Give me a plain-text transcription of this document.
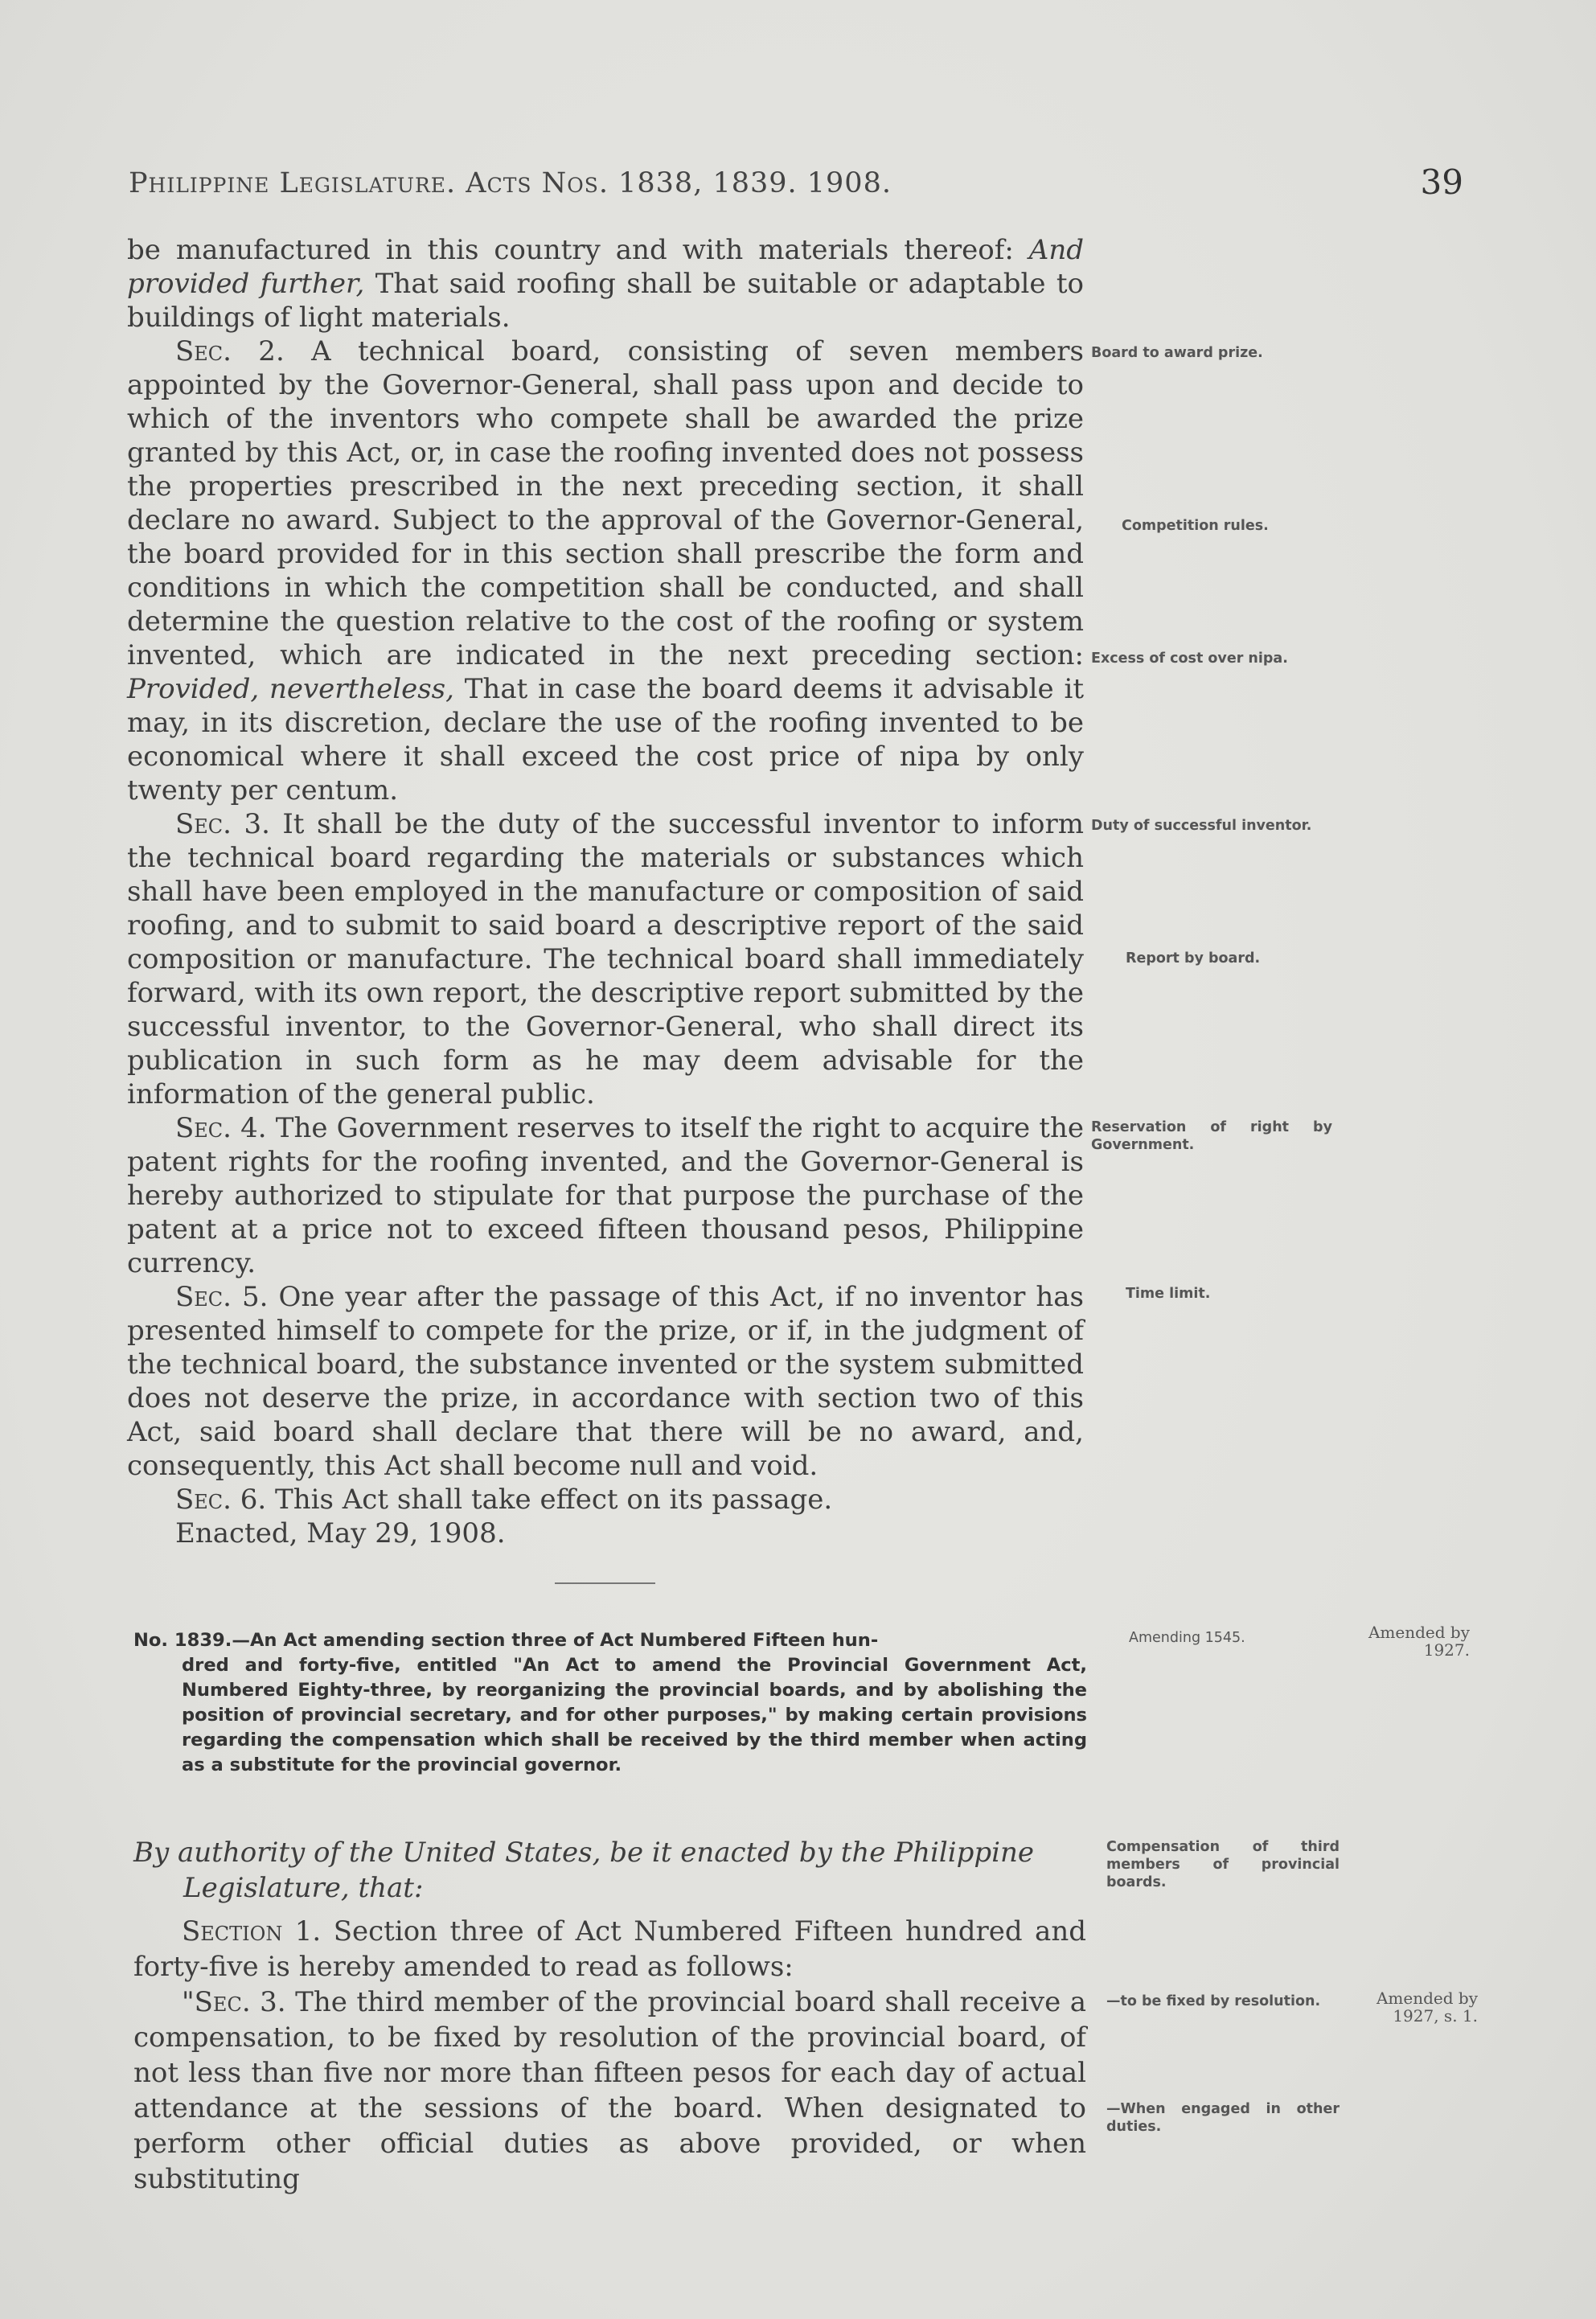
Philippine Legislature. Acts Nos. 1838, 1839. 1908.	39

be manufactured in this country and with materials thereof: And provided further, That said roofing shall be suitable or adaptable to buildings of light materials.

Sec. 2. A technical board, consisting of seven members appointed by the Governor-General, shall pass upon and decide to which of the inventors who compete shall be awarded the prize granted by this Act, or, in case the roofing invented does not possess the properties prescribed in the next preceding section, it shall declare no award. Subject to the approval of the Governor-General, the board provided for in this section shall prescribe the form and conditions in which the competition shall be conducted, and shall determine the question relative to the cost of the roofing or system invented, which are indicated in the next preceding section: Provided, nevertheless, That in case the board deems it advisable it may, in its discretion, declare the use of the roofing invented to be economical where it shall exceed the cost price of nipa by only twenty per centum.

Sec. 3. It shall be the duty of the successful inventor to inform the technical board regarding the materials or substances which shall have been employed in the manufacture or composition of said roofing, and to submit to said board a descriptive report of the said composition or manufacture. The technical board shall immediately forward, with its own report, the descriptive report submitted by the successful inventor, to the Governor-General, who shall direct its publication in such form as he may deem advisable for the information of the general public.

Sec. 4. The Government reserves to itself the right to acquire the patent rights for the roofing invented, and the Governor-General is hereby authorized to stipulate for that purpose the purchase of the patent at a price not to exceed fifteen thousand pesos, Philippine currency.

Sec. 5. One year after the passage of this Act, if no inventor has presented himself to compete for the prize, or if, in the judgment of the technical board, the substance invented or the system submitted does not deserve the prize, in accordance with section two of this Act, said board shall declare that there will be no award, and, consequently, this Act shall become null and void.

Sec. 6. This Act shall take effect on its passage.

Enacted, May 29, 1908.

No. 1839.—An Act amending section three of Act Numbered Fifteen hun-
dred and forty-five, entitled "An Act to amend the Provincial Government Act, Numbered Eighty-three, by reorganizing the provincial boards, and by abolishing the position of provincial secretary, and for other purposes," by making certain provisions regarding the compensation which shall be received by the third member when acting as a substitute for the provincial governor.
By authority of the United States, be it enacted by the Philippine
Legislature, that:

Section 1. Section three of Act Numbered Fifteen hundred and forty-five is hereby amended to read as follows:

"Sec. 3. The third member of the provincial board shall receive a compensation, to be fixed by resolution of the provincial board, of not less than five nor more than fifteen pesos for each day of actual attendance at the sessions of the board. When designated to perform other official duties as above provided, or when substituting

Board to award prize.
Competition rules.
Excess of cost over nipa.
Duty of successful inventor.
Report by board.
Reservation of right by Government.
Time limit.
Amending 1545.
Compensation of third members of provincial boards.
—to be fixed by resolution.
—When engaged in other duties.
Amended by 1927.
Amended by 1927, s. 1.
